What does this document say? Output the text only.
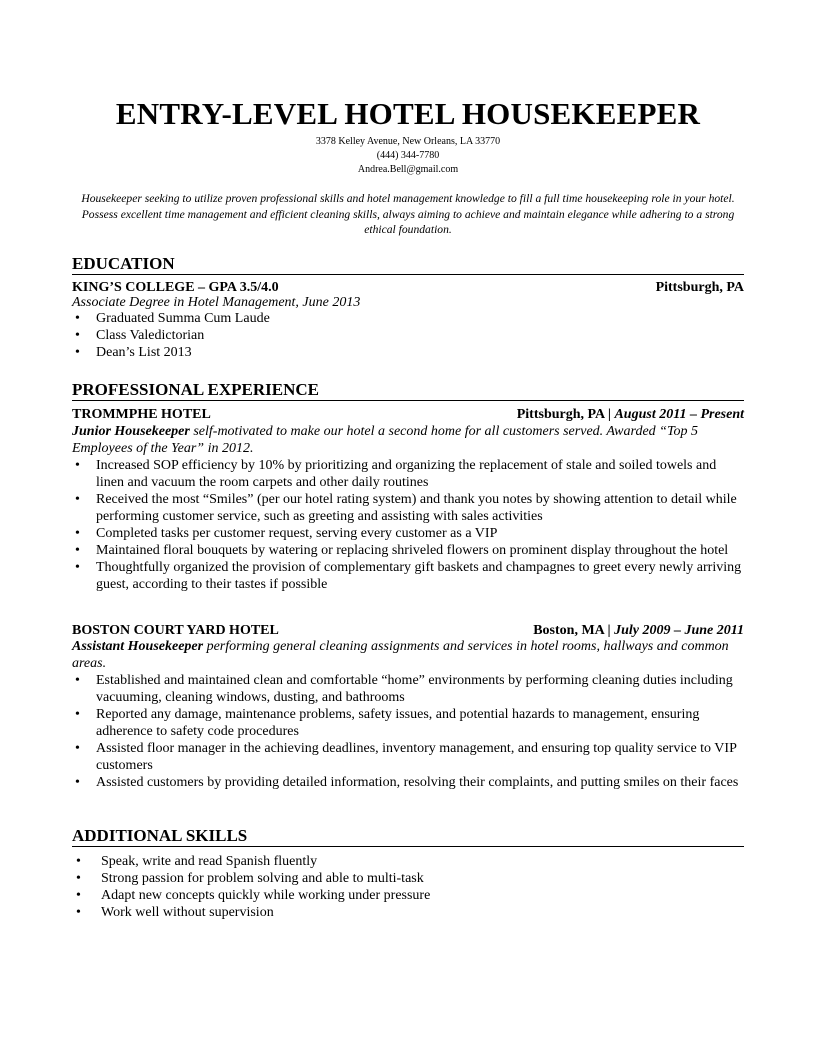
ENTRY-LEVEL HOTEL HOUSEKEEPER
3378 Kelley Avenue, New Orleans, LA 33770
(444) 344-7780
Andrea.Bell@gmail.com
Housekeeper seeking to utilize proven professional skills and hotel management knowledge to fill a full time housekeeping role in your hotel. Possess excellent time management and efficient cleaning skills, always aiming to achieve and maintain elegance while adhering to a strong ethical foundation.
EDUCATION
KING’S COLLEGE – GPA 3.5/4.0	Pittsburgh, PA
Associate Degree in Hotel Management, June 2013
• Graduated Summa Cum Laude
• Class Valedictorian
• Dean’s List 2013
PROFESSIONAL EXPERIENCE
TROMMPHE HOTEL	Pittsburgh, PA | August 2011 – Present
Junior Housekeeper self-motivated to make our hotel a second home for all customers served. Awarded “Top 5 Employees of the Year” in 2012.
• Increased SOP efficiency by 10% by prioritizing and organizing the replacement of stale and soiled towels and linen and vacuum the room carpets and other daily routines
• Received the most “Smiles” (per our hotel rating system) and thank you notes by showing attention to detail while performing customer service, such as greeting and assisting with sales activities
• Completed tasks per customer request, serving every customer as a VIP
• Maintained floral bouquets by watering or replacing shriveled flowers on prominent display throughout the hotel
• Thoughtfully organized the provision of complementary gift baskets and champagnes to greet every newly arriving guest, according to their tastes if possible
BOSTON COURT YARD HOTEL	Boston, MA | July 2009 – June 2011
Assistant Housekeeper performing general cleaning assignments and services in hotel rooms, hallways and common areas.
• Established and maintained clean and comfortable “home” environments by performing cleaning duties including vacuuming, cleaning windows, dusting, and bathrooms
• Reported any damage, maintenance problems, safety issues, and potential hazards to management, ensuring adherence to safety code procedures
• Assisted floor manager in the achieving deadlines, inventory management, and ensuring top quality service to VIP customers
• Assisted customers by providing detailed information, resolving their complaints, and putting smiles on their faces
ADDITIONAL SKILLS
• Speak, write and read Spanish fluently
• Strong passion for problem solving and able to multi-task
• Adapt new concepts quickly while working under pressure
• Work well without supervision
